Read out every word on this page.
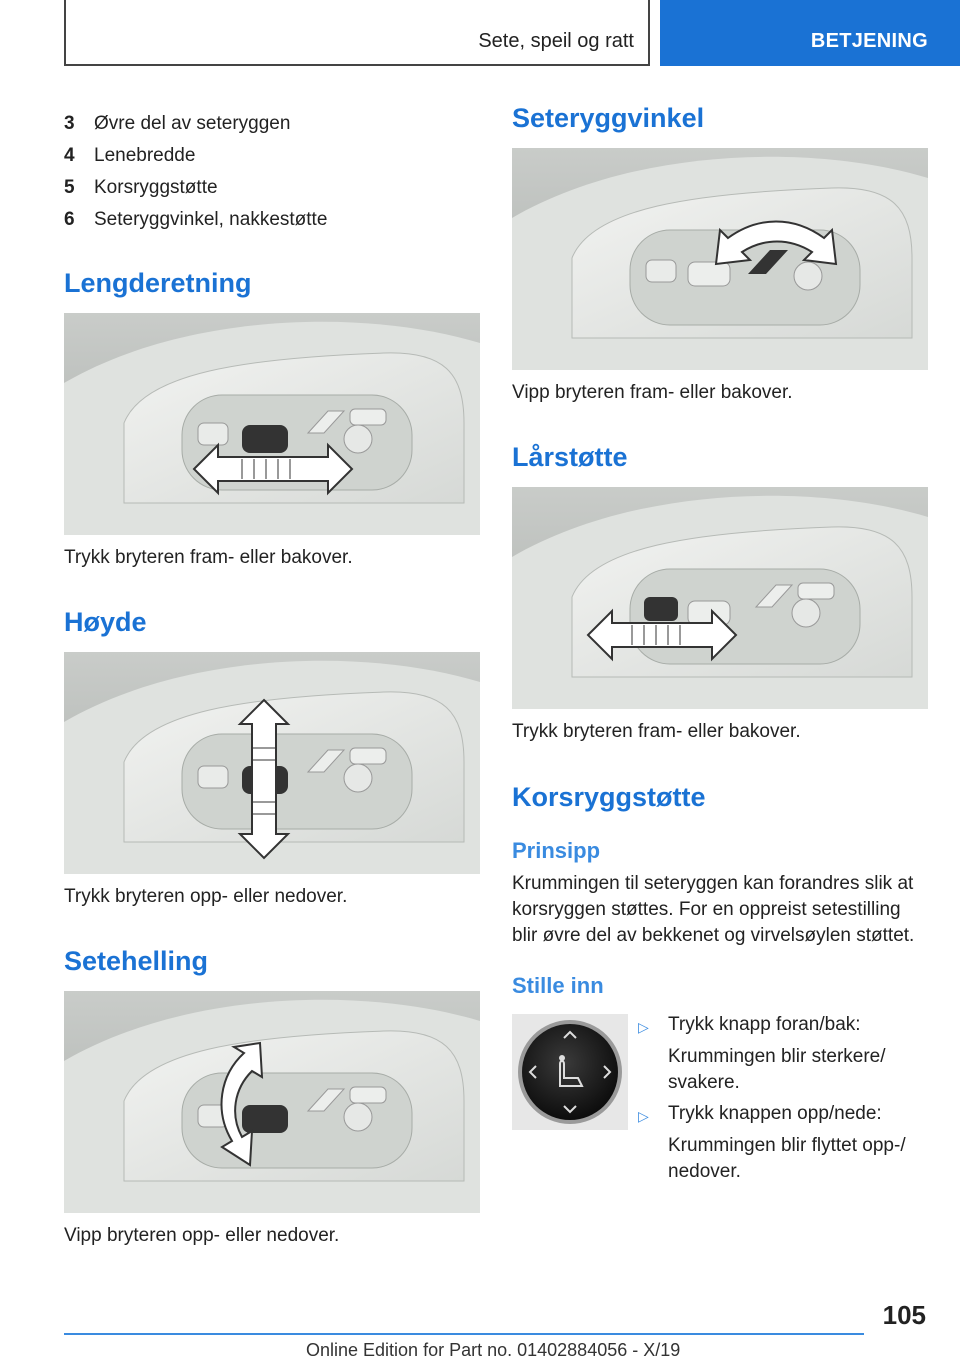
Sete, speil og ratt	BETJENING
3	Øvre del av seteryggen
4	Lenebredde
5	Korsryggstøtte
6	Seteryggvinkel, nakkestøtte
Lengderetning
Trykk bryteren fram- eller bakover.
Høyde
Trykk bryteren opp- eller nedover.
Setehelling
Vipp bryteren opp- eller nedover.
Seteryggvinkel
Vipp bryteren fram- eller bakover.
Lårstøtte
Trykk bryteren fram- eller bakover.
Korsryggstøtte
Prinsipp
Krummingen til seteryggen kan forandres slik at
korsryggen støttes. For en oppreist setestilling
blir øvre del av bekkenet og virvelsøylen støttet.
Stille inn
▷ Trykk knapp foran/bak:
Krummingen blir sterkere/
svakere.
▷ Trykk knappen opp/nede:
Krummingen blir flyttet opp-/
nedover.
105
Online Edition for Part no. 01402884056 - X/19
